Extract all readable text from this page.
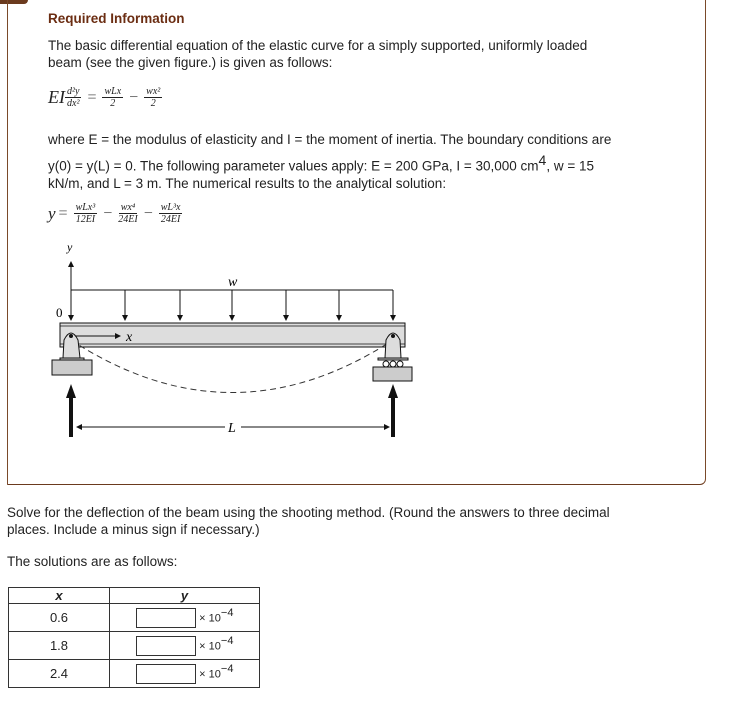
Required Information
The basic differential equation of the elastic curve for a simply supported, uniformly loaded
beam (see the given figure.) is given as follows:
EI $\frac{\text{d²y}}{\text{dx²}} = \frac{\text{wLx}}{2} - \frac{\text{wx²}}{2}$
where E = the modulus of elasticity and I = the moment of inertia. The boundary conditions are
y(0) = y(L) = 0. The following parameter values apply: E = 200 GPa, I = 30,000 $cm^4$, w = 15
kN/m, and L = 3 m. The numerical results to the analytical solution:
$y = \frac{\text{wLx³}}{12EI} - \frac{\text{wx⁴}}{24EI} - \frac{\text{wL³x}}{24EI}$
y
w
0
x
L
Solve for the deflection of the beam using the shooting method. (Round the answers to three decimal
places. Include a minus sign if necessary.)
The solutions are as follows:
x	y
0.6	× $10^{-4}$
1.8	× $10^{-4}$
2.4	× $10^{-4}$
